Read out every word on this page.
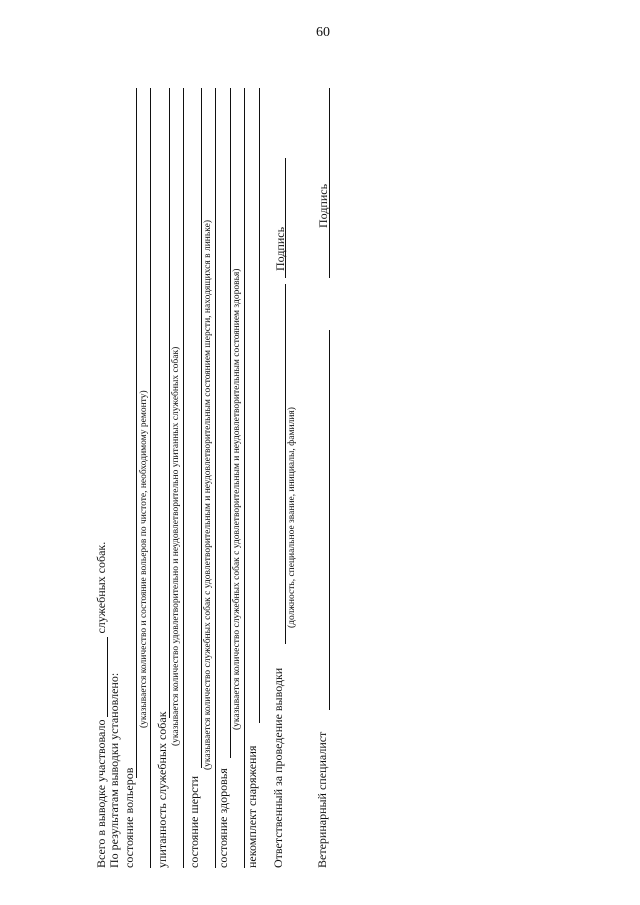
60
Всего в выводке участвовало  служебных собак.
По результатам выводки установлено: состояние вольеров
(указывается количество и состояние вольеров по чистоте, необходимому ремонту)
упитанность служебных собак
(указывается количество удовлетворительно и неудовлетворительно упитанных служебных собак)
состояние шерсти
(указывается количество служебных собак с удовлетворительным и неудовлетворительным состоянием шерсти, находящихся в линьке)
состояние здоровья
(указывается количество служебных собак с удовлетворительным и неудовлетворительным состоянием здоровья)
некомплект снаряжения Ответственный за проведение выводки
(должность, специальное звание, инициалы, фамилия)
Подпись
Ветеринарный специалист
Подпись
